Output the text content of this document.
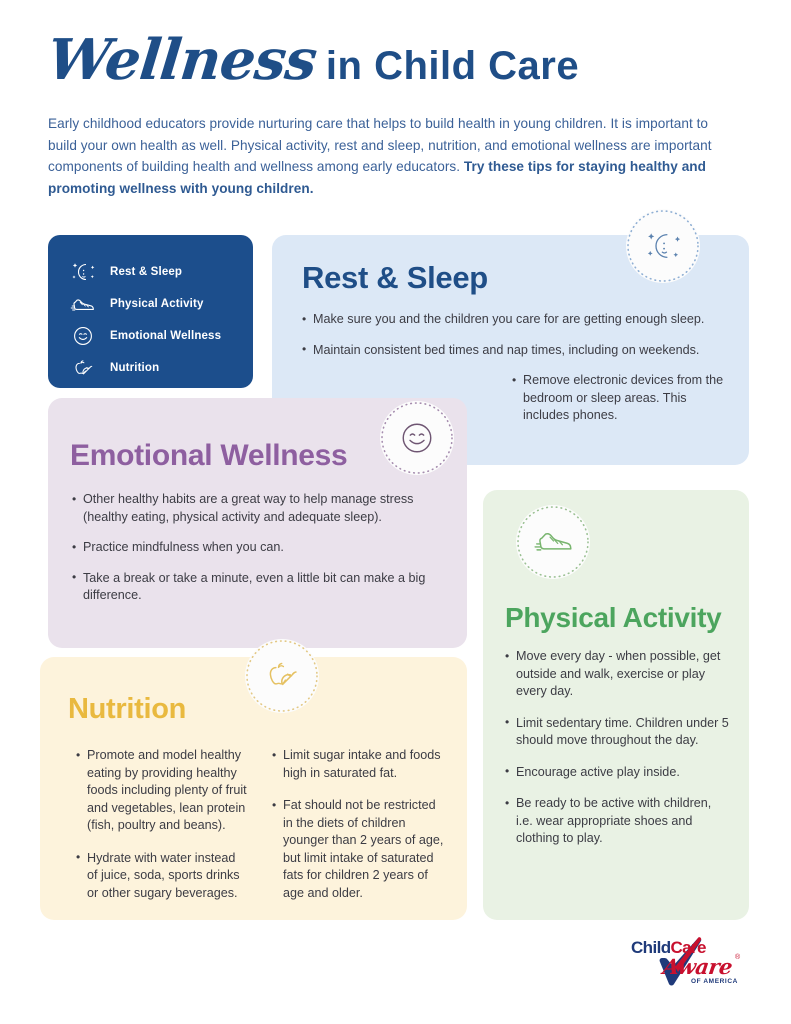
Wellness in Child Care

Early childhood educators provide nurturing care that helps to build health in young children. It is important to build your own health as well. Physical activity, rest and sleep, nutrition, and emotional wellness are important components of building health and wellness among early educators. Try these tips for staying healthy and promoting wellness with young children.

Rest & Sleep
Physical Activity
Emotional Wellness
Nutrition
Rest & Sleep
• Make sure you and the children you care for are getting enough sleep.
• Maintain consistent bed times and nap times, including on weekends.
• Remove electronic devices from the bedroom or sleep areas. This includes phones.
Emotional Wellness
• Other healthy habits are a great way to help manage stress (healthy eating, physical activity and adequate sleep).
• Practice mindfulness when you can.
• Take a break or take a minute, even a little bit can make a big difference.
Physical Activity
• Move every day - when possible, get outside and walk, exercise or play every day.
• Limit sedentary time. Children under 5 should move throughout the day.
• Encourage active play inside.
• Be ready to be active with children, i.e. wear appropriate shoes and clothing to play.
Nutrition
• Promote and model healthy eating by providing healthy foods including plenty of fruit and vegetables, lean protein (fish, poultry and beans).
• Hydrate with water instead of juice, soda, sports drinks or other sugary beverages.
• Limit sugar intake and foods high in saturated fat.
• Fat should not be restricted in the diets of children younger than 2 years of age, but limit intake of saturated fats for children 2 years of age and older.
ChildCare
Aware ®
OF AMERICA
